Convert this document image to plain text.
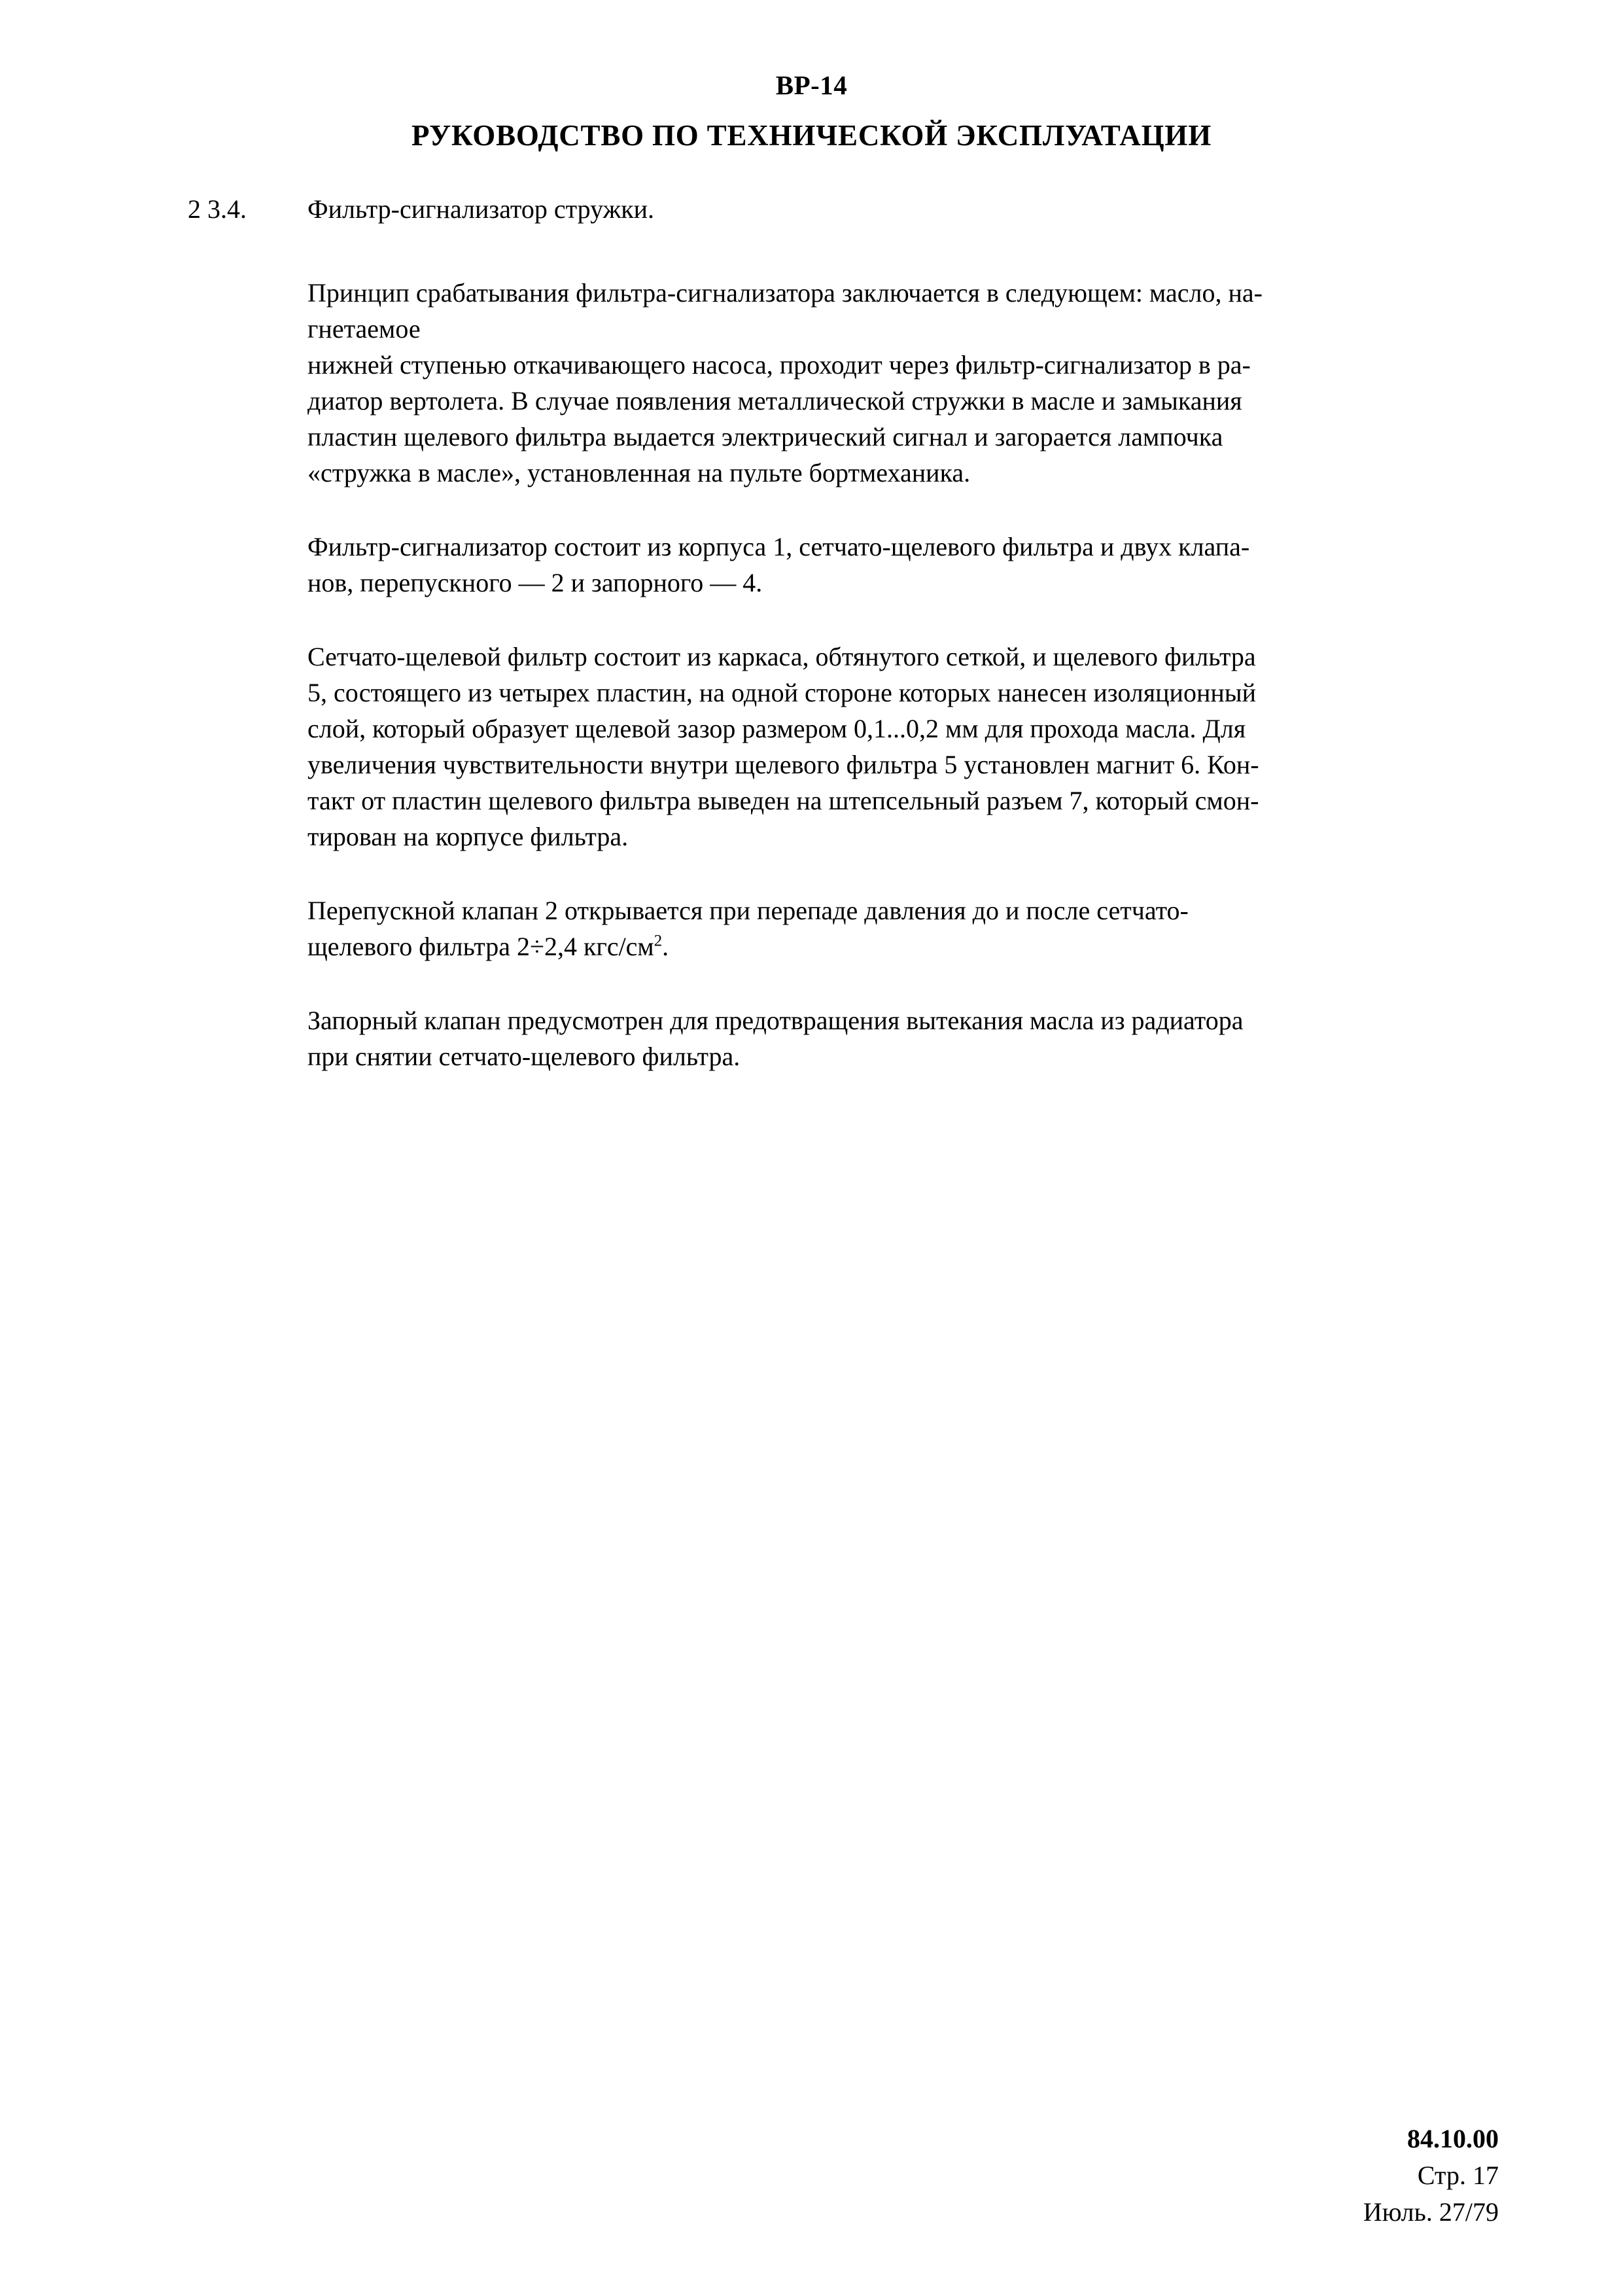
ВР-14
РУКОВОДСТВО ПО ТЕХНИЧЕСКОЙ ЭКСПЛУАТАЦИИ
2 3.4. Фильтр-сигнализатор стружки.

Принцип срабатывания фильтра-сигнализатора заключается в следующем: масло, на-
гнетаемое
нижней ступенью откачивающего насоса, проходит через фильтр-сигнализатор в ра-
диатор вертолета. В случае появления металлической стружки в масле и замыкания
пластин щелевого фильтра выдается электрический сигнал и загорается лампочка
«стружка в масле», установленная на пульте бортмеханика.

Фильтр-сигнализатор состоит из корпуса 1, сетчато-щелевого фильтра и двух клапа-
нов, перепускного — 2 и запорного — 4.

Сетчато-щелевой фильтр состоит из каркаса, обтянутого сеткой, и щелевого фильтра
5, состоящего из четырех пластин, на одной стороне которых нанесен изоляционный
слой, который образует щелевой зазор размером 0,1...0,2 мм для прохода масла. Для
увеличения чувствительности внутри щелевого фильтра 5 установлен магнит 6. Кон-
такт от пластин щелевого фильтра выведен на штепсельный разъем 7, который смон-
тирован на корпусе фильтра.

Перепускной клапан 2 открывается при перепаде давления до и после сетчато-
щелевого фильтра 2÷2,4 кгс/$см^2$.

Запорный клапан предусмотрен для предотвращения вытекания масла из радиатора
при снятии сетчато-щелевого фильтра.

84.10.00
Стр. 17
Июль. 27/79
